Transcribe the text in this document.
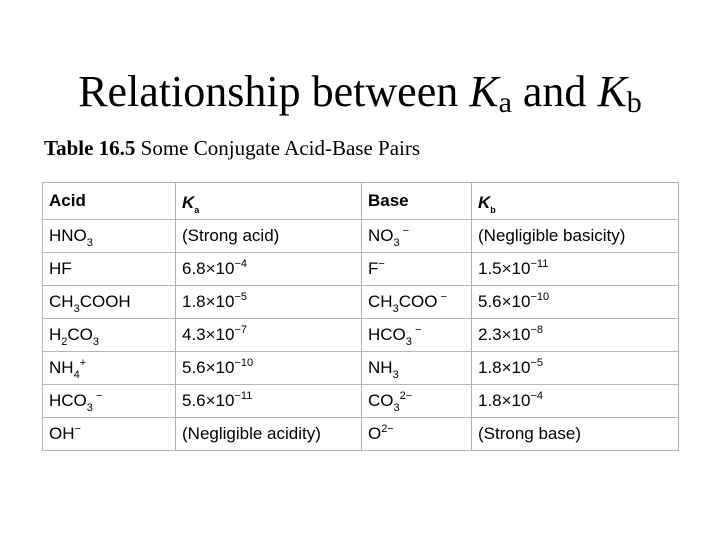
Relationship between $K_a$ and $K_b$
Table 16.5 Some Conjugate Acid-Base Pairs
Acid	$K_a$	Base	$K_b$
$HNO_3$	(Strong acid)	$NO_3$ −	(Negligible basicity)
HF	$6.8\times 10^{-4}$	F−	$1.5\times 10^{-11}$
$CH_3COOH$	$1.8\times 10^{-5}$	$CH_3COO$ −	$5.6\times 10^{-10}$
$H_2CO_3$	$4.3\times 10^{-7}$	$HCO_3$ −	$2.3\times 10^{-8}$
$NH_4^+$	$5.6\times 10^{-10}$	$NH_3$	$1.8\times 10^{-5}$
$HCO_3$ −	$5.6\times 10^{-11}$	$CO_3^{2-}$	$1.8\times 10^{-4}$
OH−	(Negligible acidity)	$O^{2-}$	(Strong base)
